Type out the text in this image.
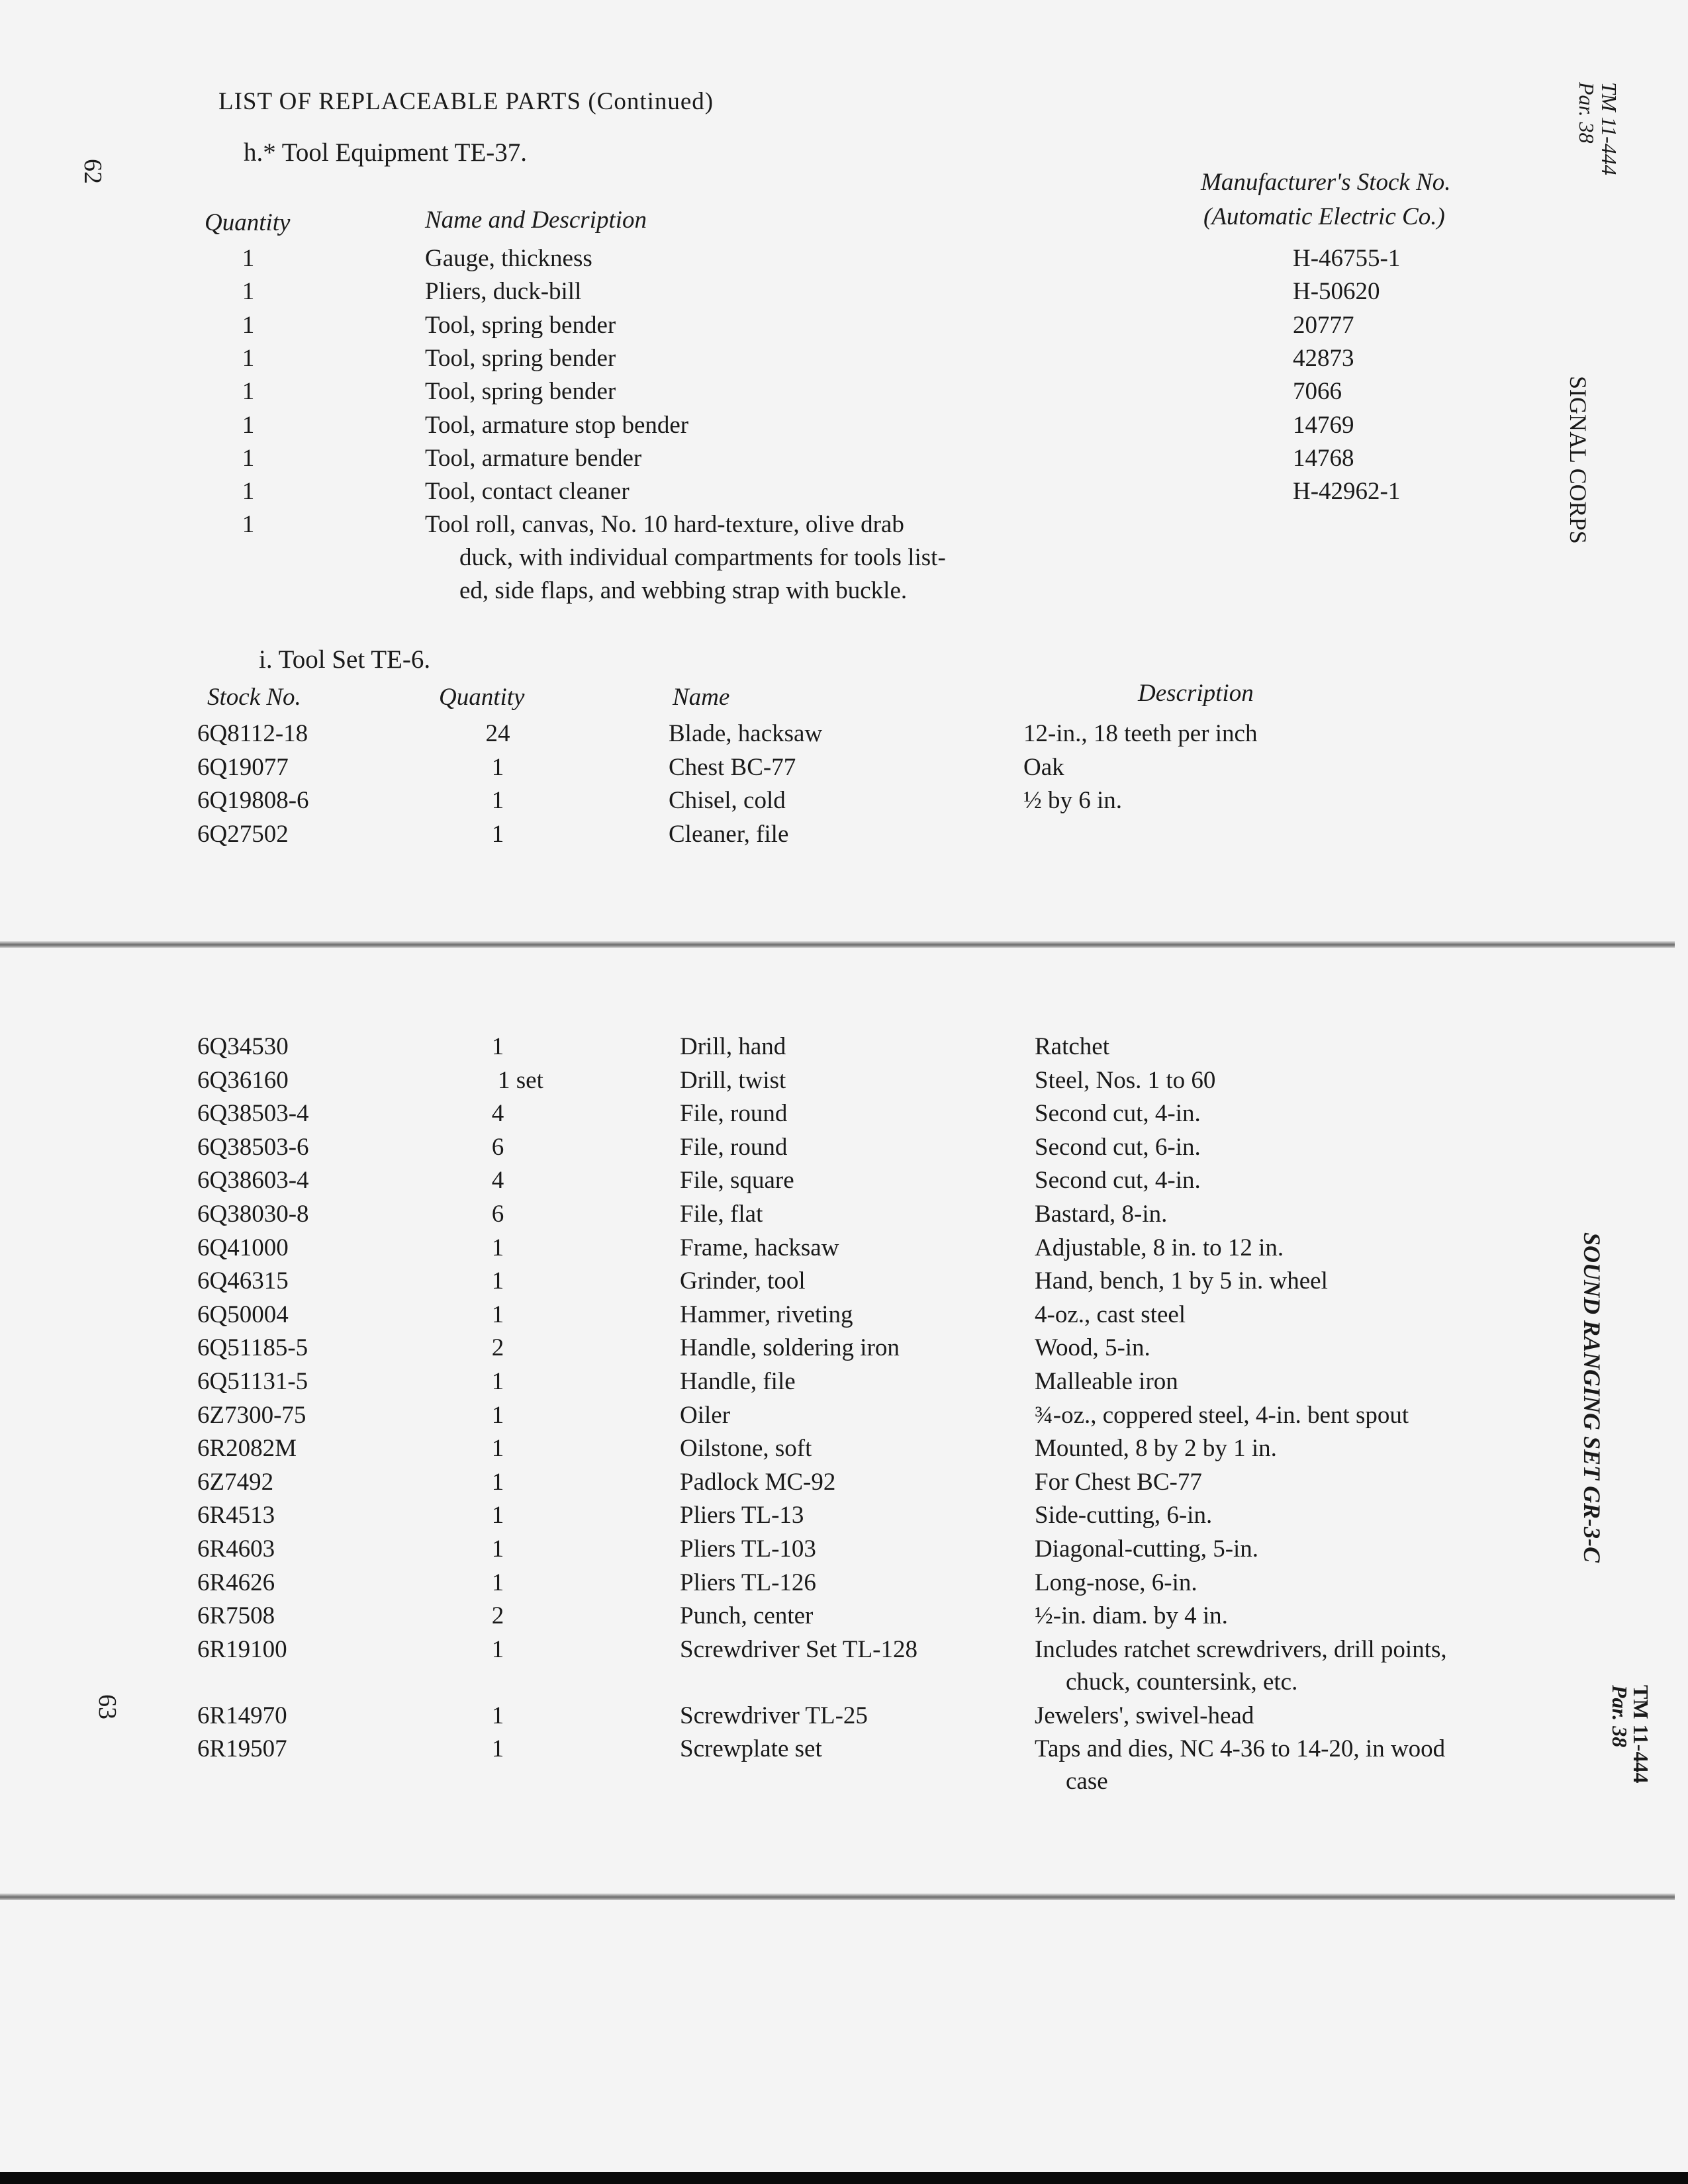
LIST OF REPLACEABLE PARTS (Continued)
62
63
TM 11-444
Par. 38
SIGNAL CORPS
SOUND RANGING SET GR-3-C
TM 11-444
Par. 38
h.* Tool Equipment TE-37.
Quantity	Name and Description
Manufacturer's Stock No.
(Automatic Electric Co.)
1	Gauge, thickness	H-46755-1
1	Pliers, duck-bill	H-50620
1	Tool, spring bender	20777
1	Tool, spring bender	42873
1	Tool, spring bender	7066
1	Tool, armature stop bender	14769
1	Tool, armature bender	14768
1	Tool, contact cleaner	H-42962-1
1	Tool roll, canvas, No. 10 hard-texture, olive drab
duck, with individual compartments for tools list-
ed, side flaps, and webbing strap with buckle.
i. Tool Set TE-6.
Stock No.	Quantity	Name	Description
6Q8112-18	24	Blade, hacksaw	12-in., 18 teeth per inch
6Q19077	1	Chest BC-77	Oak
6Q19808-6	1	Chisel, cold	½ by 6 in.
6Q27502	1	Cleaner, file
6Q34530	1	Drill, hand	Ratchet
6Q36160	1 set	Drill, twist	Steel, Nos. 1 to 60
6Q38503-4	4	File, round	Second cut, 4-in.
6Q38503-6	6	File, round	Second cut, 6-in.
6Q38603-4	4	File, square	Second cut, 4-in.
6Q38030-8	6	File, flat	Bastard, 8-in.
6Q41000	1	Frame, hacksaw	Adjustable, 8 in. to 12 in.
6Q46315	1	Grinder, tool	Hand, bench, 1 by 5 in. wheel
6Q50004	1	Hammer, riveting	4-oz., cast steel
6Q51185-5	2	Handle, soldering iron	Wood, 5-in.
6Q51131-5	1	Handle, file	Malleable iron
6Z7300-75	1	Oiler	¾-oz., coppered steel, 4-in. bent spout
6R2082M	1	Oilstone, soft	Mounted, 8 by 2 by 1 in.
6Z7492	1	Padlock MC-92	For Chest BC-77
6R4513	1	Pliers TL-13	Side-cutting, 6-in.
6R4603	1	Pliers TL-103	Diagonal-cutting, 5-in.
6R4626	1	Pliers TL-126	Long-nose, 6-in.
6R7508	2	Punch, center	½-in. diam. by 4 in.
6R19100	1	Screwdriver Set TL-128	Includes ratchet screwdrivers, drill points,
chuck, countersink, etc.
6R14970	1	Screwdriver TL-25	Jewelers', swivel-head
6R19507	1	Screwplate set	Taps and dies, NC 4-36 to 14-20, in wood
case
